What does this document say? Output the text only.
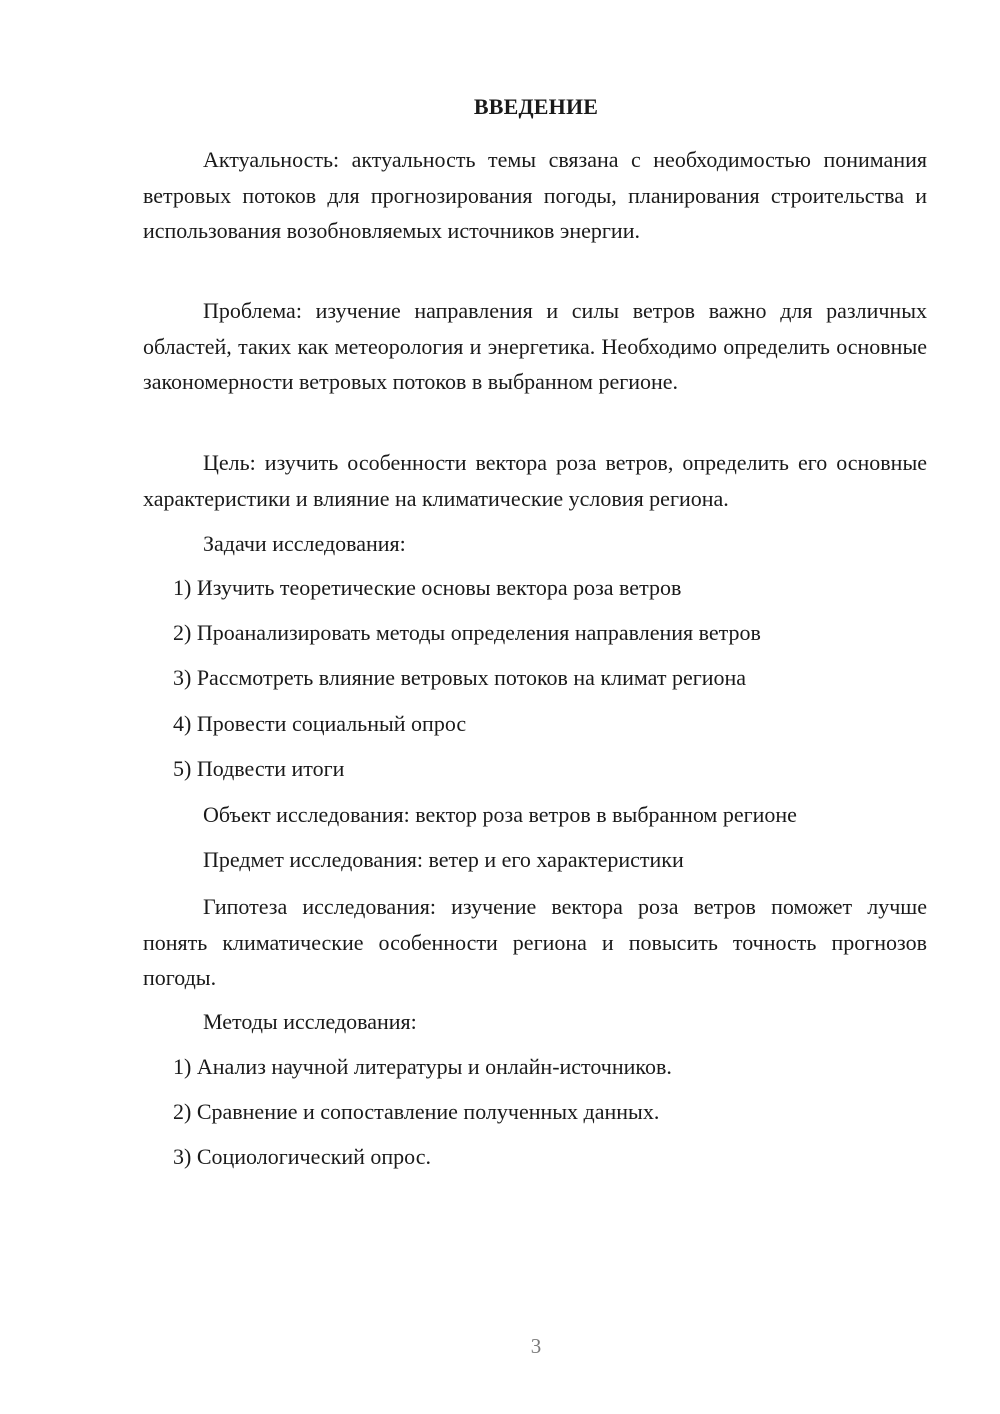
ВВЕДЕНИЕ

Актуальность: актуальность темы связана с необходимостью понимания ветровых потоков для прогнозирования погоды, планирования строительства и использования возобновляемых источников энергии.

Проблема: изучение направления и силы ветров важно для различных областей, таких как метеорология и энергетика. Необходимо определить основные закономерности ветровых потоков в выбранном регионе.

Цель: изучить особенности вектора роза ветров, определить его основные характеристики и влияние на климатические условия региона.

Задачи исследования:

1) Изучить теоретические основы вектора роза ветров

2) Проанализировать методы определения направления ветров

3) Рассмотреть влияние ветровых потоков на климат региона

4) Провести социальный опрос

5) Подвести итоги

Объект исследования: вектор роза ветров в выбранном регионе

Предмет исследования: ветер и его характеристики

Гипотеза исследования: изучение вектора роза ветров поможет лучше понять климатические особенности региона и повысить точность прогнозов погоды.

Методы исследования:

1) Анализ научной литературы и онлайн-источников.

2) Сравнение и сопоставление полученных данных.

3) Социологический опрос.

3
